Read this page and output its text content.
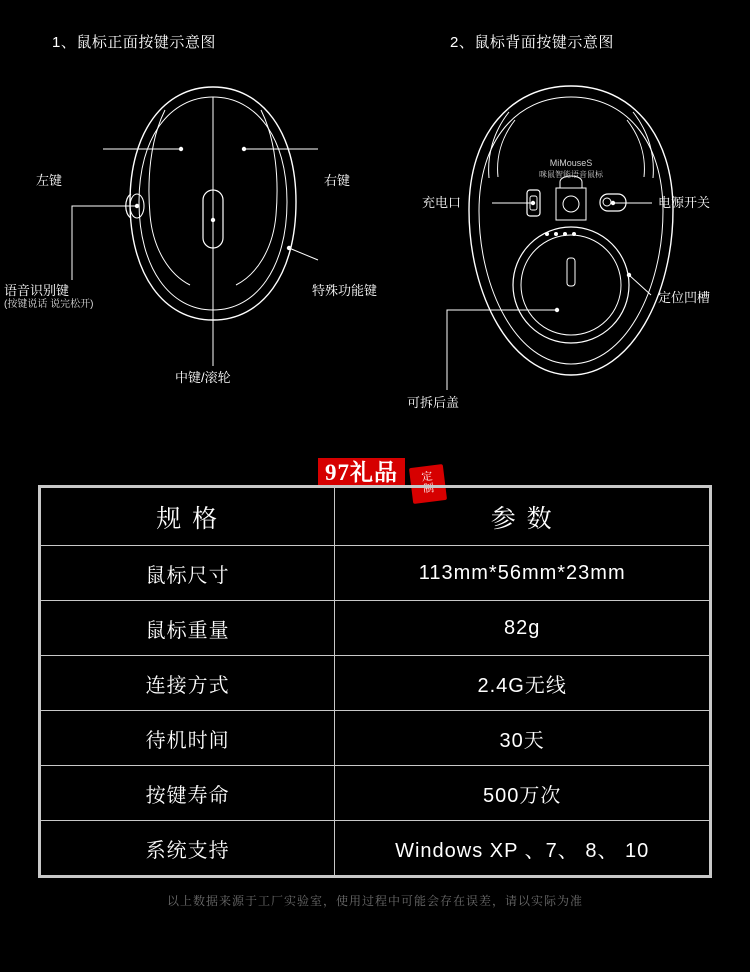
1、鼠标正面按键示意图	2、鼠标背面按键示意图
MiMouseS
咪鼠智能语音鼠标
左键	右键
语音识别键
(按键说话 说完松开)
特殊功能键
中键/滚轮
充电口	电源开关
定位凹槽
可拆后盖
97礼品	定
制
规 格	参 数
鼠标尺寸	113mm*56mm*23mm
鼠标重量	82g
连接方式	2.4G无线
待机时间	30天
按键寿命	500万次
系统支持	Windows XP 、7、 8、 10
以上数据来源于工厂实验室，使用过程中可能会存在误差，请以实际为准
